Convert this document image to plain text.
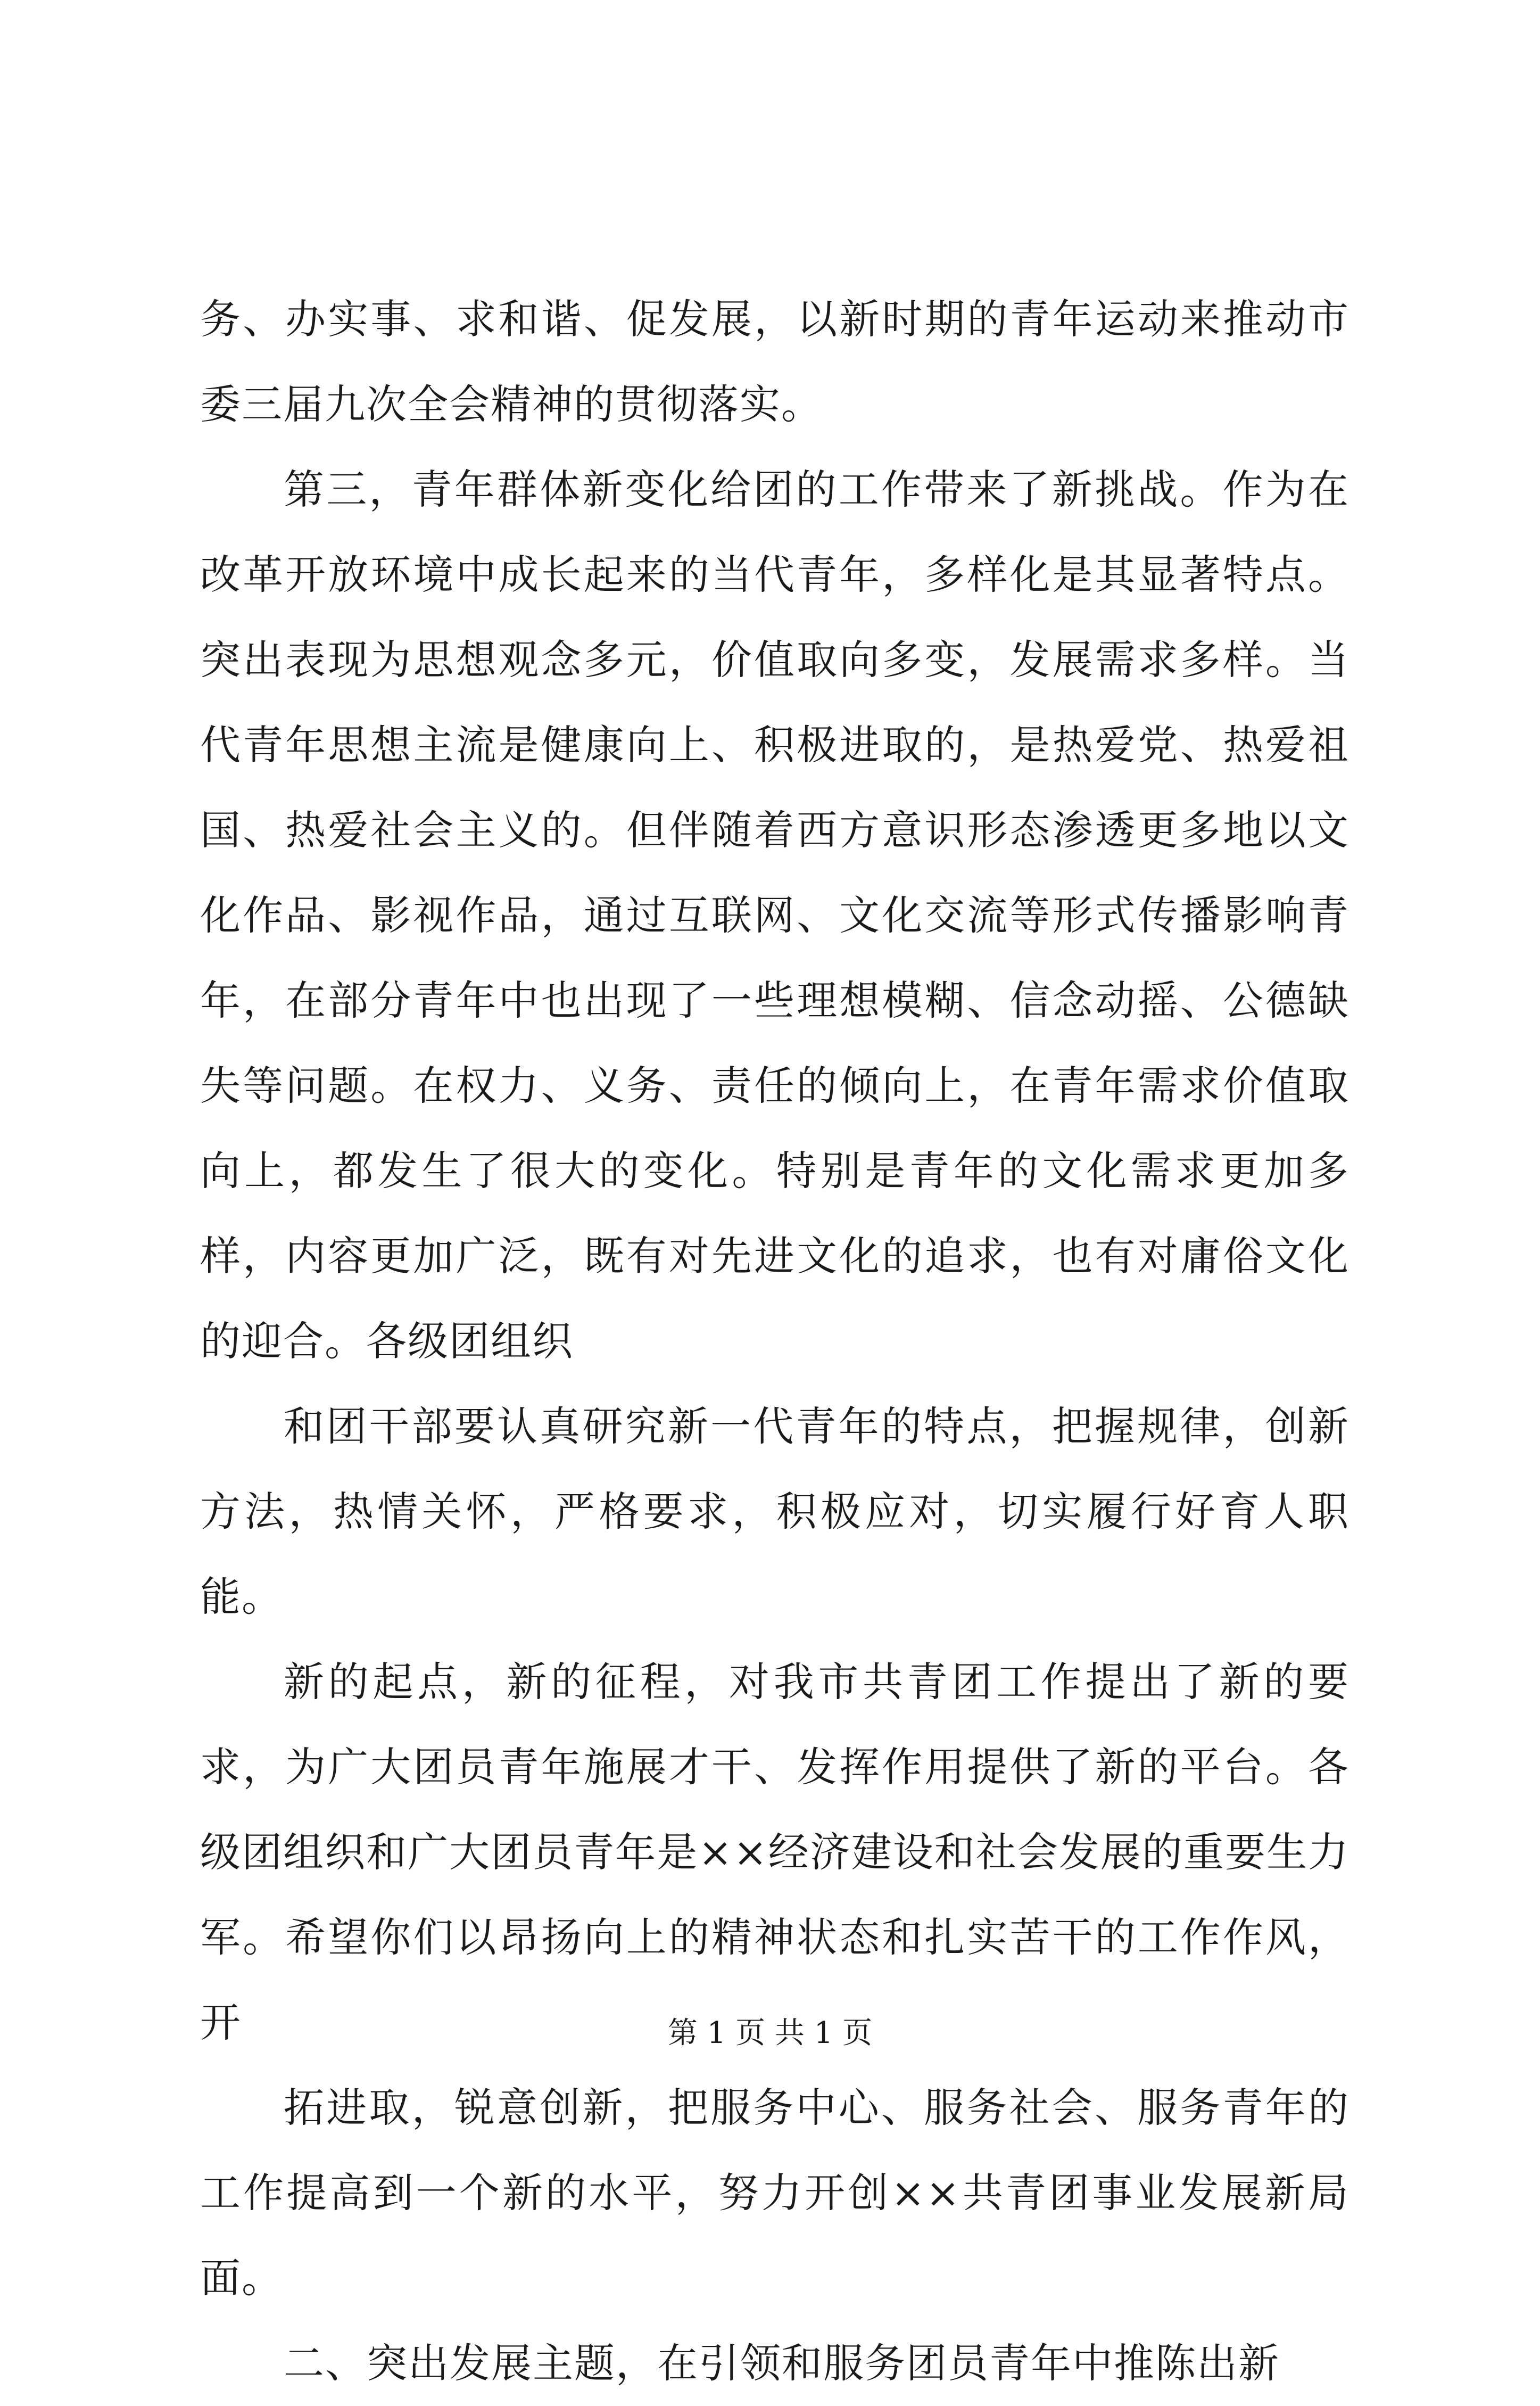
务、办实事、求和谐、促发展，以新时期的青年运动来推动市委三届九次全会精神的贯彻落实。

第三，青年群体新变化给团的工作带来了新挑战。作为在改革开放环境中成长起来的当代青年，多样化是其显著特点。突出表现为思想观念多元，价值取向多变，发展需求多样。当代青年思想主流是健康向上、积极进取的，是热爱党、热爱祖国、热爱社会主义的。但伴随着西方意识形态渗透更多地以文化作品、影视作品，通过互联网、文化交流等形式传播影响青年，在部分青年中也出现了一些理想模糊、信念动摇、公德缺失等问题。在权力、义务、责任的倾向上，在青年需求价值取向上，都发生了很大的变化。特别是青年的文化需求更加多样，内容更加广泛，既有对先进文化的追求，也有对庸俗文化的迎合。各级团组织

和团干部要认真研究新一代青年的特点，把握规律，创新方法，热情关怀，严格要求，积极应对，切实履行好育人职能。

新的起点，新的征程，对我市共青团工作提出了新的要求，为广大团员青年施展才干、发挥作用提供了新的平台。各级团组织和广大团员青年是××经济建设和社会发展的重要生力军。希望你们以昂扬向上的精神状态和扎实苦干的工作作风，开

拓进取，锐意创新，把服务中心、服务社会、服务青年的工作提高到一个新的水平，努力开创××共青团事业发展新局面。

二、突出发展主题，在引领和服务团员青年中推陈出新

第 1 页 共 1 页
